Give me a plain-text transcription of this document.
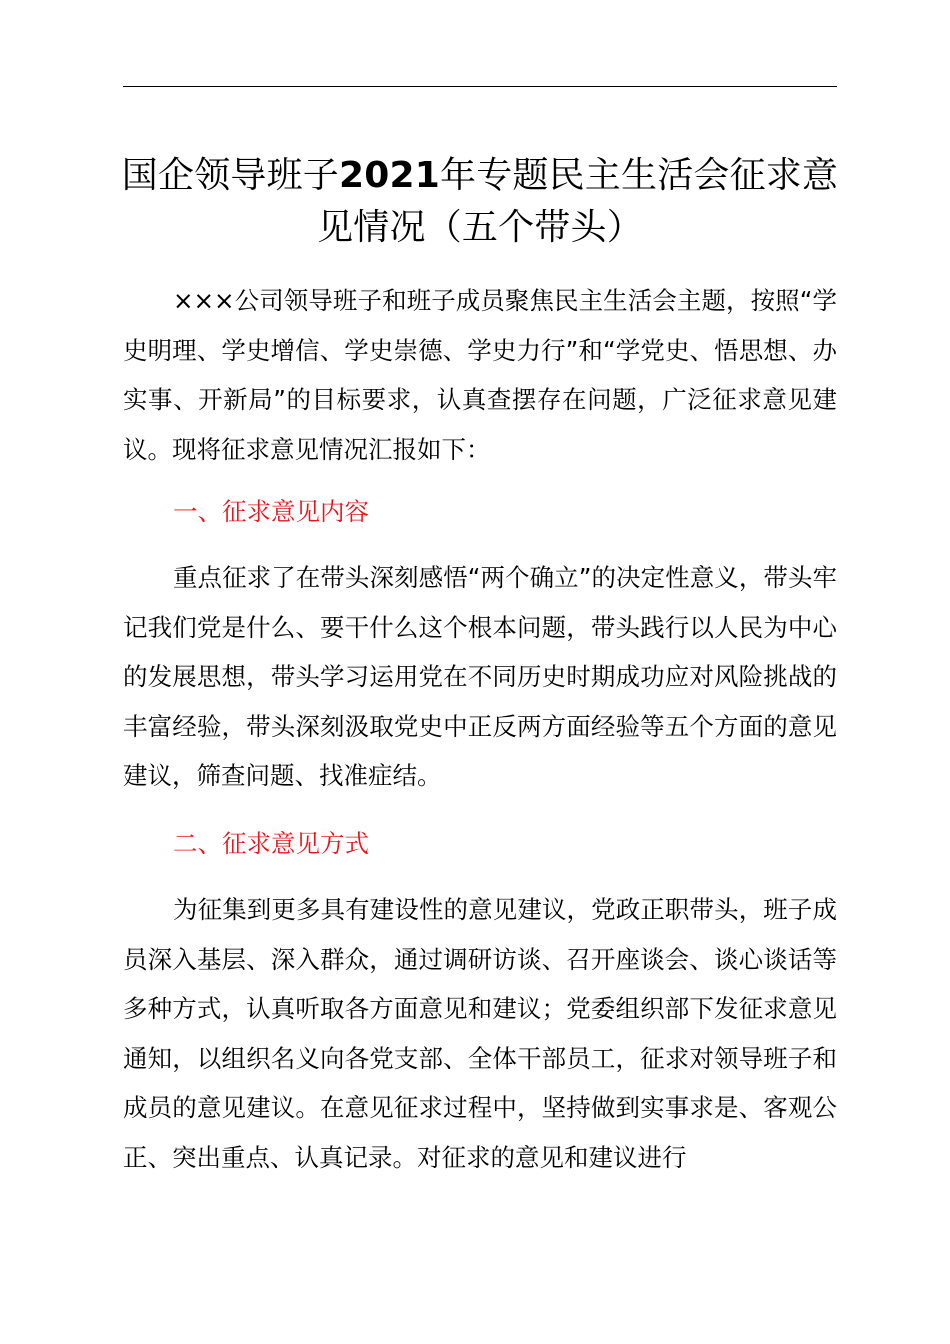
国企领导班子2021年专题民主生活会征求意见情况（五个带头）

×××公司领导班子和班子成员聚焦民主生活会主题，按照“学史明理、学史增信、学史崇德、学史力行”和“学党史、悟思想、办实事、开新局”的目标要求，认真查摆存在问题，广泛征求意见建议。现将征求意见情况汇报如下：

一、征求意见内容

重点征求了在带头深刻感悟“两个确立”的决定性意义，带头牢记我们党是什么、要干什么这个根本问题，带头践行以人民为中心的发展思想，带头学习运用党在不同历史时期成功应对风险挑战的丰富经验，带头深刻汲取党史中正反两方面经验等五个方面的意见建议，筛查问题、找准症结。

二、征求意见方式

为征集到更多具有建设性的意见建议，党政正职带头，班子成员深入基层、深入群众，通过调研访谈、召开座谈会、谈心谈话等多种方式，认真听取各方面意见和建议；党委组织部下发征求意见通知，以组织名义向各党支部、全体干部员工，征求对领导班子和成员的意见建议。在意见征求过程中，坚持做到实事求是、客观公正、突出重点、认真记录。对征求的意见和建议进行
